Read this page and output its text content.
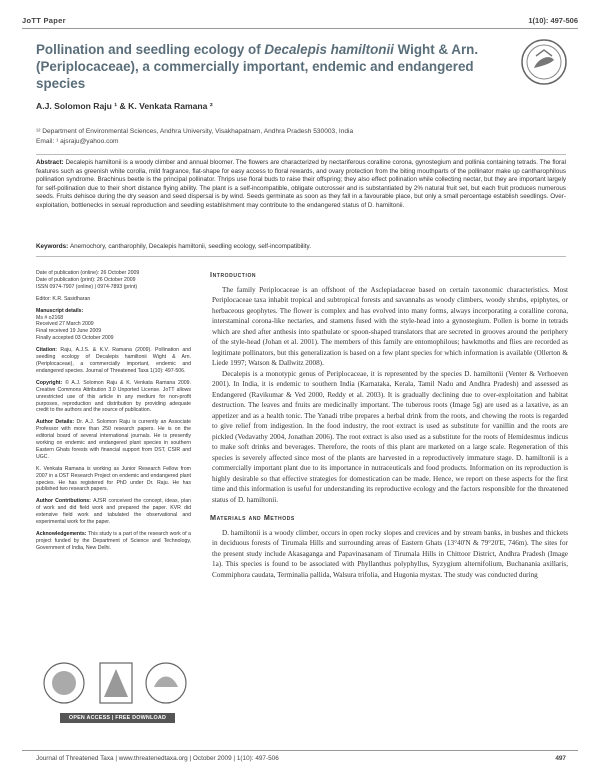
JoTT Paper	1(10): 497-506
Pollination and seedling ecology of Decalepis hamiltonii Wight & Arn. (Periplocaceae), a commercially important, endemic and endangered species
A.J. Solomon Raju ¹ & K. Venkata Ramana ²
¹² Department of Environmental Sciences, Andhra University, Visakhapatnam, Andhra Pradesh 530003, India
Email: ¹ ajsraju@yahoo.com
Abstract: Decalepis hamiltonii is a woody climber and annual bloomer. The flowers are characterized by nectariferous coralline corona, gynostegium and pollinia containing tetrads. The floral features such as greenish white corolla, mild fragrance, flat-shape for easy access to floral rewards, and ovary protection from the biting mouthparts of the pollinator make up cantharophilous pollination syndrome. Brachinus beetle is the principal pollinator. Thrips use floral buds to raise their offspring; they also effect pollination while collecting nectar, but they are important largely for self-pollination due to their short distance flying ability. The plant is a self-incompatible, obligate outcrosser and is substantiated by 2% natural fruit set, but each fruit produces numerous seeds. Fruits dehisce during the dry season and seed dispersal is by wind. Seeds germinate as soon as they fall in a favourable place, but only a small percentage establish seedlings. Over-exploitation, bottlenecks in sexual reproduction and seedling establishment may contribute to the endangered status of D. hamiltonii.
Keywords: Anemochory, cantharophily, Decalepis hamiltonii, seedling ecology, self-incompatibility.

Date of publication (online): 26 October 2009
Date of publication (print): 26 October 2009
ISSN 0974-7907 (online) | 0974-7893 (print)

Editor: K.R. Sasidharan

Manuscript details:
Ms # o2168
Received 27 March 2009
Final received 19 June 2009
Finally accepted 03 October 2009

Citation: Raju, A.J.S. & K.V. Ramana (2009). Pollination and seedling ecology of Decalepis hamiltonii Wight & Arn. (Periplocaceae), a commercially important, endemic and endangered species. Journal of Threatened Taxa 1(10): 497-506.

Copyright: © A.J. Solomon Raju & K. Venkata Ramana 2009. Creative Commons Attribution 3.0 Unported License. JoTT allows unrestricted use of this article in any medium for non-profit purposes, reproduction and distribution by providing adequate credit to the authors and the source of publication.

Author Details: Dr. A.J. Solomon Raju is currently an Associate Professor with more than 250 research papers. He is on the editorial board of several international journals. He is presently working on endemic and endangered plant species in southern Eastern Ghats forests with financial support from DST, CSIR and UGC.

K. Venkata Ramana is working as Junior Research Fellow from 2007 in a DST Research Project on endemic and endangered plant species. He has registered for PhD under Dr. Raju. He has published two research papers.

Author Contributions: AJSR conceived the concept, ideas, plan of work and did field work and prepared the paper. KVR did extensive field work and tabulated the observational and experimental work for the paper.

Acknowledgements: This study is a part of the research work of a project funded by the Department of Science and Technology, Government of India, New Delhi.

OPEN ACCESS | FREE DOWNLOAD
Introduction

The family Periplocaceae is an offshoot of the Asclepiadaceae based on certain taxonomic characteristics. Most Periplocaceae taxa inhabit tropical and subtropical forests and savannahs as woody climbers, woody shrubs, epiphytes, or herbaceous geophytes. The flower is complex and has evolved into many forms, always incorporating a coralline corona, interstaminal corona-like nectaries, and stamens fused with the style-head into a gynostegium. Pollen is borne in tetrads which are shed after anthesis into spathulate or spoon-shaped translators that are secreted in grooves around the periphery of the style-head (Johan et al. 2001). The members of this family are entomophilous; hawkmoths and flies are recorded as legitimate pollinators, but this generalization is based on a few plant species for which information is available (Ollerton & Liede 1997; Watson & Dallwitz 2008).

Decalepis is a monotypic genus of Periplocaceae, it is represented by the species D. hamiltonii (Venter & Verhoeven 2001). In India, it is endemic to southern India (Karnataka, Kerala, Tamil Nadu and Andhra Pradesh) and assessed as Endangered (Ravikumar & Ved 2000, Reddy et al. 2003). It is gradually declining due to over-exploitation and habitat destruction. The leaves and fruits are medicinally important. The tuberous roots (Image 5g) are used as a laxative, as an appetizer and as a health tonic. The Yanadi tribe prepares a herbal drink from the roots, and chewing the roots is regarded to give relief from indigestion. In the food industry, the root extract is used as substitute for vanillin and the roots are pickled (Vedavathy 2004, Jonathan 2006). The root extract is also used as a substitute for the roots of Hemidesmus indicus to make soft drinks and beverages. Therefore, the roots of this plant are marketed on a large scale. Regeneration of this species is severely affected since most of the plants are harvested in a reproductively immature stage. D. hamiltonii is a commercially important plant due to its importance in nutraceuticals and food products. Information on its reproduction is highly desirable so that effective strategies for domestication can be made. Hence, we report on these aspects for the first time and this information is useful for understanding its reproductive ecology and the factors responsible for the threatened status of D. hamiltonii.

Materials and Methods

D. hamiltonii is a woody climber, occurs in open rocky slopes and crevices and by stream banks, in bushes and thickets in deciduous forests of Tirumala Hills and surrounding areas of Eastern Ghats (13°40'N & 79°20'E, 746m). The sites for the present study include Akasaganga and Papavinasanam of Tirumala Hills in Chittoor District, Andhra Pradesh (Image 1a). This species is found to be associated with Phyllanthus polyphyllus, Syzygium alternifolium, Buchanania axillaris, Commiphora caudata, Terminalia pallida, Walsura trifolia, and Hugonia mystax. The study was conducted during

Journal of Threatened Taxa | www.threatenedtaxa.org | October 2009 | 1(10): 497-506	497
